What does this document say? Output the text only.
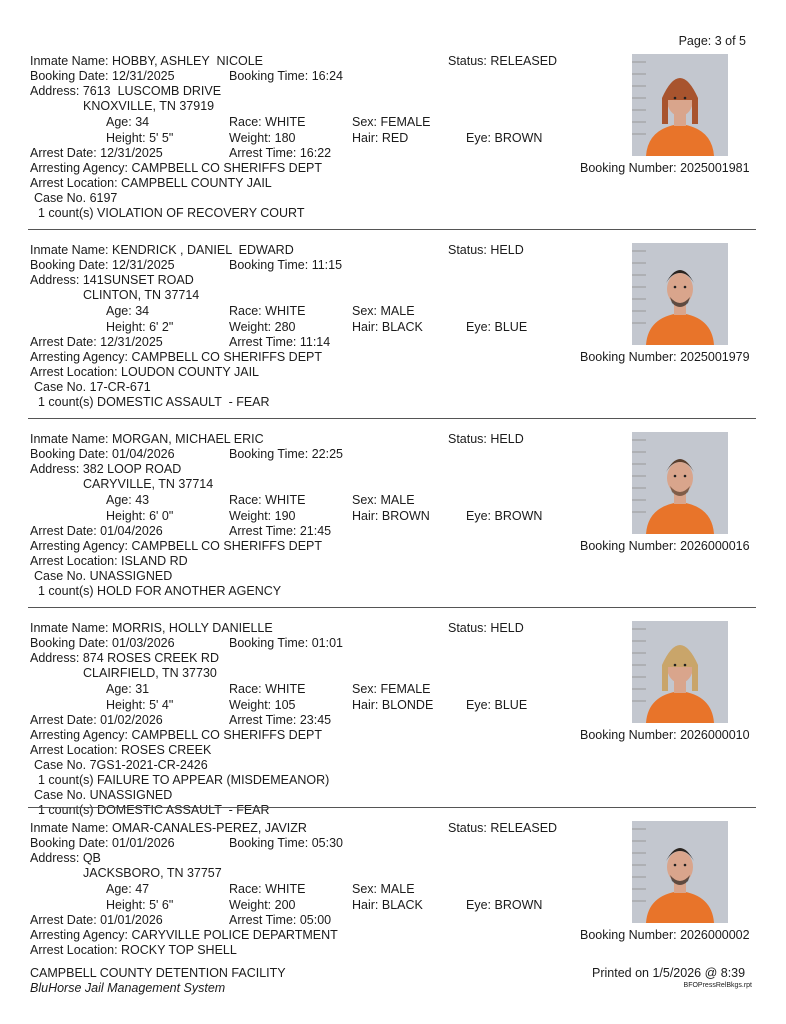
Page: 3 of 5
Inmate Name: HOBBY, ASHLEY  NICOLE	Status: RELEASED
Booking Date: 12/31/2025	Booking Time: 16:24
Address: 7613  LUSCOMB DRIVE
KNOXVILLE, TN 37919
Age: 34	Race: WHITE	Sex: FEMALE
Height: 5' 5"	Weight: 180	Hair: RED	Eye: BROWN
Arrest Date: 12/31/2025	Arrest Time: 16:22
Arresting Agency: CAMPBELL CO SHERIFFS DEPT	Booking Number: 2025001981
Arrest Location: CAMPBELL COUNTY JAIL
Case No. 6197
1 count(s) VIOLATION OF RECOVERY COURT
Inmate Name: KENDRICK , DANIEL  EDWARD	Status: HELD
Booking Date: 12/31/2025	Booking Time: 11:15
Address: 141SUNSET ROAD
CLINTON, TN 37714
Age: 34	Race: WHITE	Sex: MALE
Height: 6' 2"	Weight: 280	Hair: BLACK	Eye: BLUE
Arrest Date: 12/31/2025	Arrest Time: 11:14
Arresting Agency: CAMPBELL CO SHERIFFS DEPT	Booking Number: 2025001979
Arrest Location: LOUDON COUNTY JAIL
Case No. 17-CR-671
1 count(s) DOMESTIC ASSAULT  - FEAR
Inmate Name: MORGAN, MICHAEL ERIC	Status: HELD
Booking Date: 01/04/2026	Booking Time: 22:25
Address: 382 LOOP ROAD
CARYVILLE, TN 37714
Age: 43	Race: WHITE	Sex: MALE
Height: 6' 0"	Weight: 190	Hair: BROWN	Eye: BROWN
Arrest Date: 01/04/2026	Arrest Time: 21:45
Arresting Agency: CAMPBELL CO SHERIFFS DEPT	Booking Number: 2026000016
Arrest Location: ISLAND RD
Case No. UNASSIGNED
1 count(s) HOLD FOR ANOTHER AGENCY
Inmate Name: MORRIS, HOLLY DANIELLE	Status: HELD
Booking Date: 01/03/2026	Booking Time: 01:01
Address: 874 ROSES CREEK RD
CLAIRFIELD, TN 37730
Age: 31	Race: WHITE	Sex: FEMALE
Height: 5' 4"	Weight: 105	Hair: BLONDE	Eye: BLUE
Arrest Date: 01/02/2026	Arrest Time: 23:45
Arresting Agency: CAMPBELL CO SHERIFFS DEPT	Booking Number: 2026000010
Arrest Location: ROSES CREEK
Case No. 7GS1-2021-CR-2426
1 count(s) FAILURE TO APPEAR (MISDEMEANOR)
Case No. UNASSIGNED
1 count(s) DOMESTIC ASSAULT  - FEAR
Inmate Name: OMAR-CANALES-PEREZ, JAVIZR	Status: RELEASED
Booking Date: 01/01/2026	Booking Time: 05:30
Address: QB
JACKSBORO, TN 37757
Age: 47	Race: WHITE	Sex: MALE
Height: 5' 6"	Weight: 200	Hair: BLACK	Eye: BROWN
Arrest Date: 01/01/2026	Arrest Time: 05:00
Arresting Agency: CARYVILLE POLICE DEPARTMENT	Booking Number: 2026000002
Arrest Location: ROCKY TOP SHELL
CAMPBELL COUNTY DETENTION FACILITY
BluHorse Jail Management System
Printed on 1/5/2026 @ 8:39
BFOPressRelBkgs.rpt
